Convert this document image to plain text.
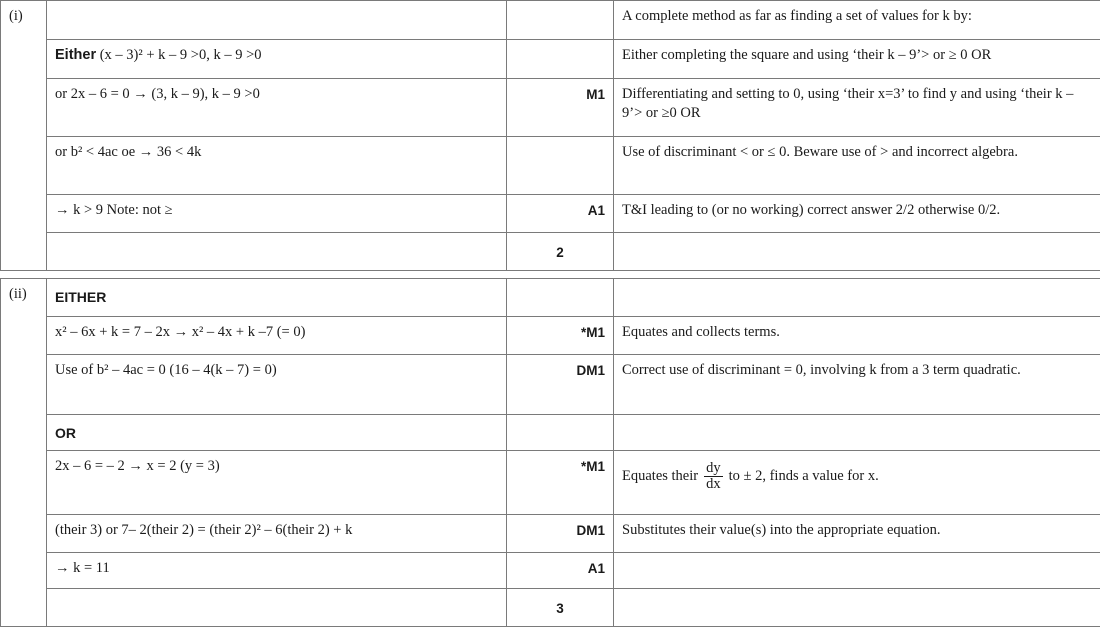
(i)			A complete method as far as finding a set of values for k by:
	Either (x – 3)² + k – 9 >0, k – 9 >0		Either completing the square and using ‘their k – 9’> or ≥ 0 OR
	or 2x – 6 = 0 → (3, k – 9), k – 9 >0	M1	Differentiating and setting to 0, using ‘their x=3’ to find y and using ‘their k – 9’> or ≥0 OR
	or b² < 4ac oe → 36 < 4k		Use of discriminant < or ≤ 0. Beware use of > and incorrect algebra.
	→ k > 9 Note: not ≥	A1	T&I leading to (or no working) correct answer 2/2 otherwise 0/2.
		2	
(ii)	EITHER		
	x² – 6x + k = 7 – 2x → x² – 4x + k –7 (= 0)	*M1	Equates and collects terms.
	Use of b² – 4ac = 0 (16 – 4(k – 7) = 0)	DM1	Correct use of discriminant = 0, involving k from a 3 term quadratic.
	OR		
	2x – 6 = – 2 → x = 2 (y = 3)	*M1	Equates their $\frac{dy}{dx}$ to ± 2, finds a value for x.
	(their 3) or 7– 2(their 2) = (their 2)² – 6(their 2) + k	DM1	Substitutes their value(s) into the appropriate equation.
	→ k = 11	A1	
		3	
